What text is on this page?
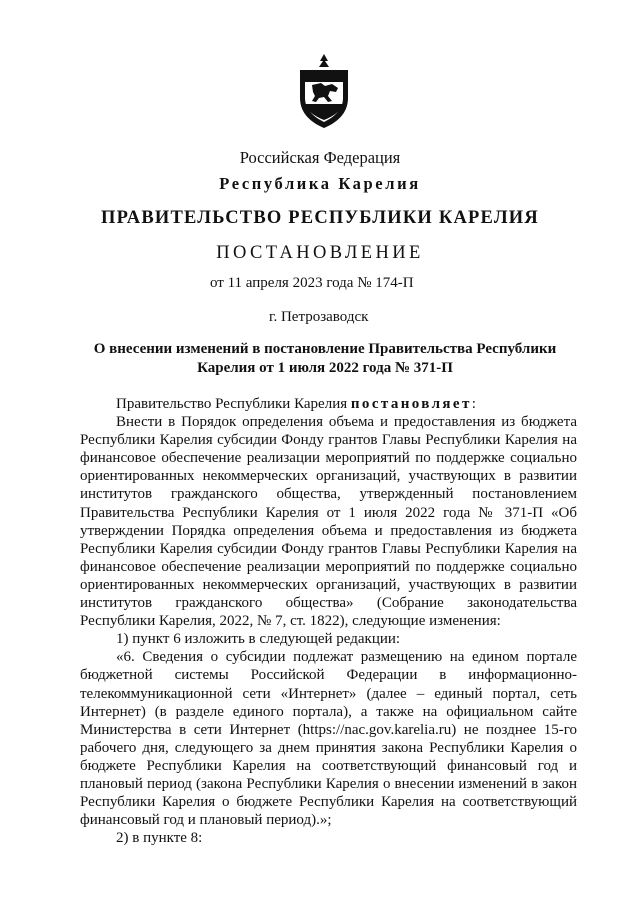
Российская Федерация
Республика Карелия
ПРАВИТЕЛЬСТВО РЕСПУБЛИКИ КАРЕЛИЯ
ПОСТАНОВЛЕНИЕ
от 11 апреля 2023 года № 174-П
г. Петрозаводск
О внесении изменений в постановление Правительства Республики Карелия от 1 июля 2022 года № 371-П

Правительство Республики Карелия постановляет:

Внести в Порядок определения объема и предоставления из бюджета Республики Карелия субсидии Фонду грантов Главы Республики Карелия на финансовое обеспечение реализации мероприятий по поддержке социально ориентированных некоммерческих организаций, участвующих в развитии институтов гражданского общества, утвержденный постановлением Правительства Республики Карелия от 1 июля 2022 года № 371-П «Об утверждении Порядка определения объема и предоставления из бюджета Республики Карелия субсидии Фонду грантов Главы Республики Карелия на финансовое обеспечение реализации мероприятий по поддержке социально ориентированных некоммерческих организаций, участвующих в развитии институтов гражданского общества» (Собрание законодательства Республики Карелия, 2022, № 7, ст. 1822), следующие изменения:

1) пункт 6 изложить в следующей редакции:

«6. Сведения о субсидии подлежат размещению на едином портале бюджетной системы Российской Федерации в информационно-телекоммуникационной сети «Интернет» (далее – единый портал, сеть Интернет) (в разделе единого портала), а также на официальном сайте Министерства в сети Интернет (https://nac.gov.karelia.ru) не позднее 15-го рабочего дня, следующего за днем принятия закона Республики Карелия о бюджете Республики Карелия на соответствующий финансовый год и плановый период (закона Республики Карелия о внесении изменений в закон Республики Карелия о бюджете Республики Карелия на соответствующий финансовый год и плановый период).»;

2) в пункте 8:
